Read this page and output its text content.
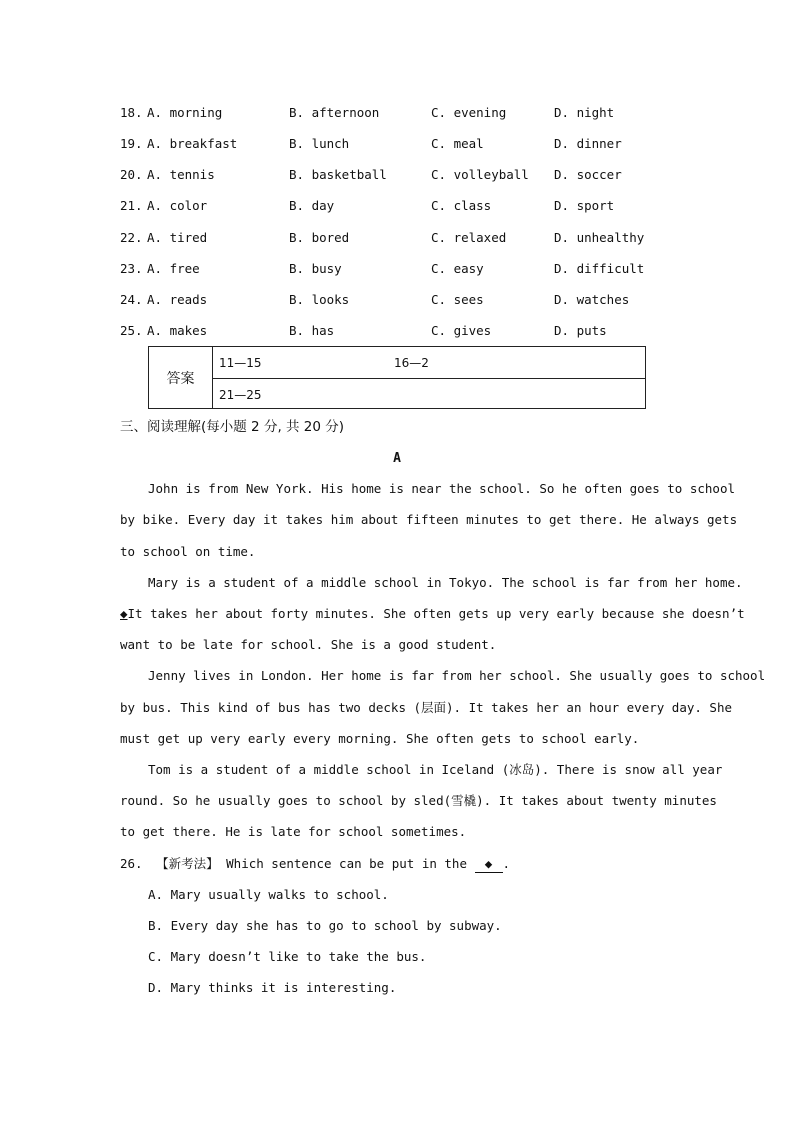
18. A. morning	B. afternoon	C. evening	D. night
19. A. breakfast	B. lunch	C. meal	D. dinner
20. A. tennis	B. basketball	C. volleyball D. soccer
21. A. color	B. day	C. class	D. sport
22. A. tired	B. bored	C. relaxed	D. unhealthy
23. A. free	B. busy	C. easy	D. difficult
24. A. reads	B. looks	C. sees	D. watches
25. A. makes	B. has	C. gives	D. puts
答案
11—15	16—2
21—25
三、阅读理解(每小题 2 分, 共 20 分)
A
John is from New York. His home is near the school. So he often goes to school
by bike. Every day it takes him about fifteen minutes to get there. He always gets
to school on time.
Mary is a student of a middle school in Tokyo. The school is far from her home.
◆ It takes her about forty minutes. She often gets up very early because she doesn’t
want to be late for school. She is a good student.
Jenny lives in London. Her home is far from her school. She usually goes to school
by bus. This kind of bus has two decks (层面). It takes her an hour every day. She
must get up very early every morning. She often gets to school early.
Tom is a student of a middle school in Iceland (冰岛). There is snow all year
round. So he usually goes to school by sled(雪橇). It takes about twenty minutes
to get there. He is late for school sometimes.
26. 【新考法】 Which sentence can be put in the ◆ .
A. Mary usually walks to school.
B. Every day she has to go to school by subway.
C. Mary doesn’t like to take the bus.
D. Mary thinks it is interesting.
